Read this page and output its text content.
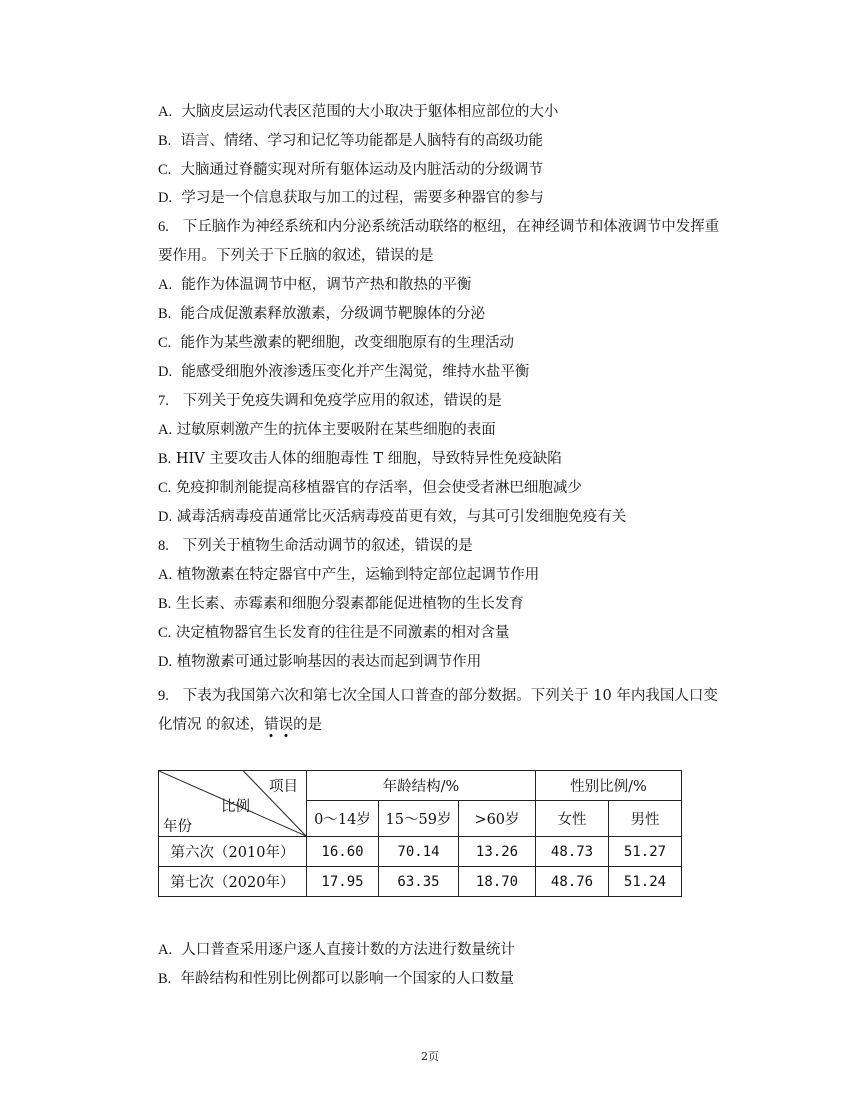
A. 大脑皮层运动代表区范围的大小取决于躯体相应部位的大小
B. 语言、情绪、学习和记忆等功能都是人脑特有的高级功能
C. 大脑通过脊髓实现对所有躯体运动及内脏活动的分级调节
D. 学习是一个信息获取与加工的过程，需要多种器官的参与
6. 下丘脑作为神经系统和内分泌系统活动联络的枢纽，在神经调节和体液调节中发挥重
要作用。下列关于下丘脑的叙述，错误的是
A. 能作为体温调节中枢，调节产热和散热的平衡
B. 能合成促激素释放激素，分级调节靶腺体的分泌
C. 能作为某些激素的靶细胞，改变细胞原有的生理活动
D. 能感受细胞外液渗透压变化并产生渴觉，维持水盐平衡
7. 下列关于免疫失调和免疫学应用的叙述，错误的是
A. 过敏原刺激产生的抗体主要吸附在某些细胞的表面
B. HIV 主要攻击人体的细胞毒性 T 细胞，导致特异性免疫缺陷
C. 免疫抑制剂能提高移植器官的存活率，但会使受者淋巴细胞减少
D. 减毒活病毒疫苗通常比灭活病毒疫苗更有效，与其可引发细胞免疫有关
8. 下列关于植物生命活动调节的叙述，错误的是
A. 植物激素在特定器官中产生，运输到特定部位起调节作用
B. 生长素、赤霉素和细胞分裂素都能促进植物的生长发育
C. 决定植物器官生长发育的往往是不同激素的相对含量
D. 植物激素可通过影响基因的表达而起到调节作用
9. 下表为我国第六次和第七次全国人口普查的部分数据。下列关于 10 年内我国人口变
化情况 的叙述，错误的是
项目
比例
年份	年龄结构/%			性别比例/%	
	0～14岁	15～59岁	>60岁	女性	男性
第六次（2010年）	16.60	70.14	13.26	48.73	51.27
第七次（2020年）	17.95	63.35	18.70	48.76	51.24
A. 人口普查采用逐户逐人直接计数的方法进行数量统计
B. 年龄结构和性别比例都可以影响一个国家的人口数量
2页
